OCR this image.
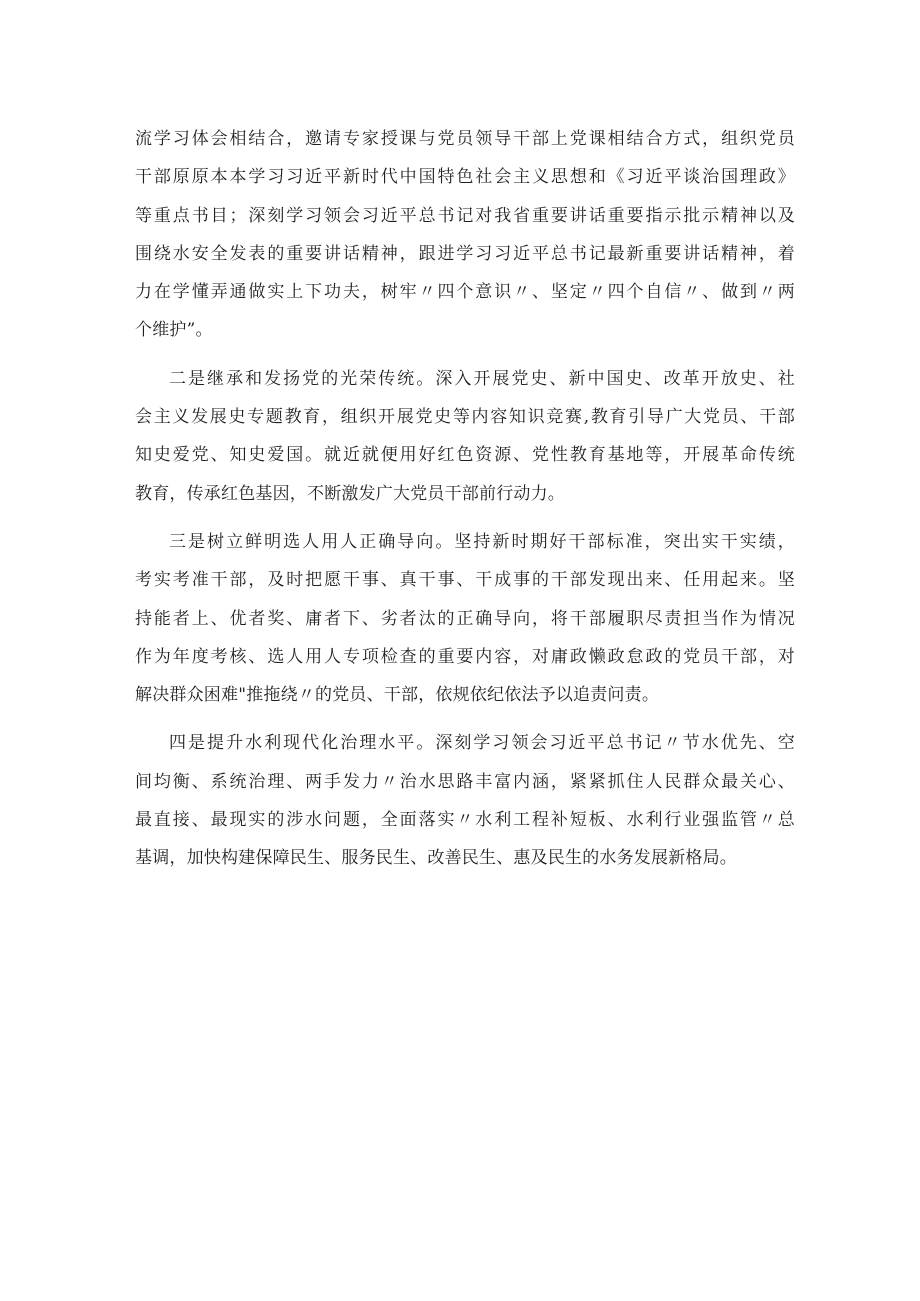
流学习体会相结合，邀请专家授课与党员领导干部上党课相结合方式，组织党员
干部原原本本学习习近平新时代中国特色社会主义思想和《习近平谈治国理政》
等重点书目；深刻学习领会习近平总书记对我省重要讲话重要指示批示精神以及
围绕水安全发表的重要讲话精神，跟进学习习近平总书记最新重要讲话精神，着
力在学懂弄通做实上下功夫，树牢〃四个意识〃、坚定〃四个自信〃、做到〃两
个维护”。
二是继承和发扬党的光荣传统。深入开展党史、新中国史、改革开放史、社
会主义发展史专题教育，组织开展党史等内容知识竞赛,教育引导广大党员、干部
知史爱党、知史爱国。就近就便用好红色资源、党性教育基地等，开展革命传统
教育，传承红色基因，不断激发广大党员干部前行动力。
三是树立鲜明选人用人正确导向。坚持新时期好干部标准，突出实干实绩，
考实考准干部，及时把愿干事、真干事、干成事的干部发现出来、任用起来。坚
持能者上、优者奖、庸者下、劣者汰的正确导向，将干部履职尽责担当作为情况
作为年度考核、选人用人专项检查的重要内容，对庸政懒政怠政的党员干部，对
解决群众困难"推拖绕〃的党员、干部，依规依纪依法予以追责问责。
四是提升水利现代化治理水平。深刻学习领会习近平总书记〃节水优先、空
间均衡、系统治理、两手发力〃治水思路丰富内涵，紧紧抓住人民群众最关心、
最直接、最现实的涉水问题，全面落实〃水利工程补短板、水利行业强监管〃总
基调，加快构建保障民生、服务民生、改善民生、惠及民生的水务发展新格局。
